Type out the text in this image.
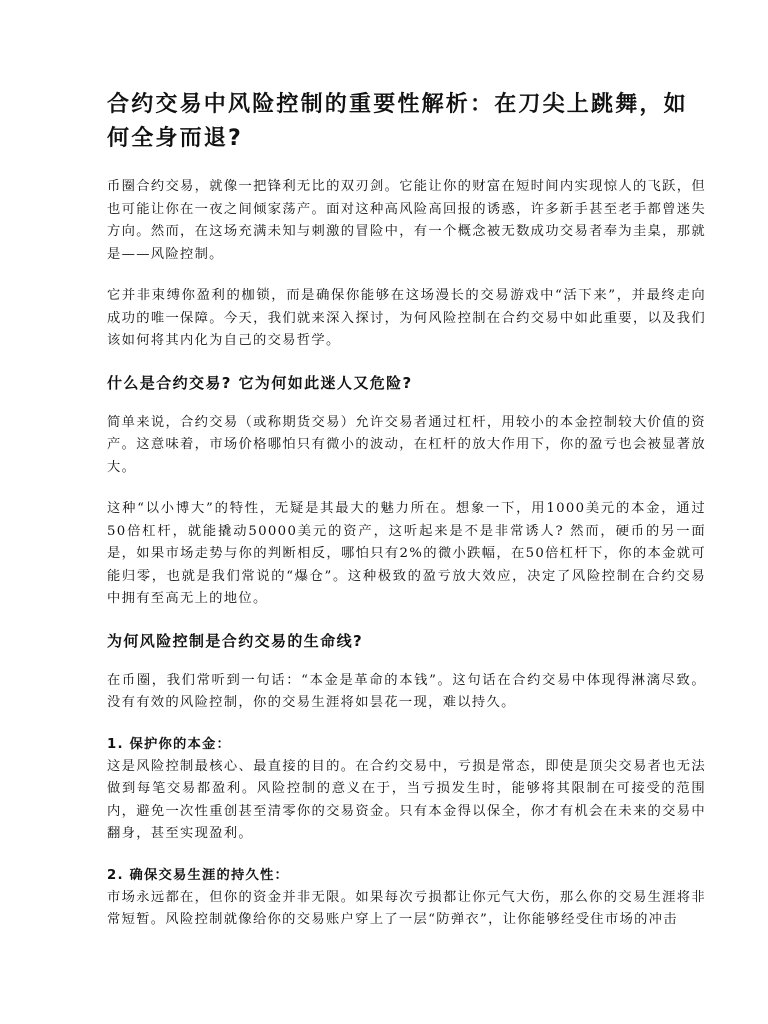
合约交易中风险控制的重要性解析：在刀尖上跳舞，如何全身而退?

币圈合约交易，就像一把锋利无比的双刃剑。它能让你的财富在短时间内实现惊人的飞跃，但也可能让你在一夜之间倾家荡产。面对这种高风险高回报的诱惑，许多新手甚至老手都曾迷失方向。然而，在这场充满未知与刺激的冒险中，有一个概念被无数成功交易者奉为圭臬，那就是——风险控制。

它并非束缚你盈利的枷锁，而是确保你能够在这场漫长的交易游戏中“活下来”，并最终走向成功的唯一保障。今天，我们就来深入探讨，为何风险控制在合约交易中如此重要，以及我们该如何将其内化为自己的交易哲学。

什么是合约交易? 它为何如此迷人又危险?

简单来说，合约交易（或称期货交易）允许交易者通过杠杆，用较小的本金控制较大价值的资产。这意味着，市场价格哪怕只有微小的波动，在杠杆的放大作用下，你的盈亏也会被显著放大。

这种“以小博大”的特性，无疑是其最大的魅力所在。想象一下，用1000美元的本金，通过50倍杠杆，就能撬动50000美元的资产，这听起来是不是非常诱人? 然而，硬币的另一面是，如果市场走势与你的判断相反，哪怕只有2%的微小跌幅，在50倍杠杆下，你的本金就可能归零，也就是我们常说的“爆仓”。这种极致的盈亏放大效应，决定了风险控制在合约交易中拥有至高无上的地位。

为何风险控制是合约交易的生命线?

在币圈，我们常听到一句话：“本金是革命的本钱”。这句话在合约交易中体现得淋漓尽致。没有有效的风险控制，你的交易生涯将如昙花一现，难以持久。

1. 保护你的本金：

这是风险控制最核心、最直接的目的。在合约交易中，亏损是常态，即使是顶尖交易者也无法做到每笔交易都盈利。风险控制的意义在于，当亏损发生时，能够将其限制在可接受的范围内，避免一次性重创甚至清零你的交易资金。只有本金得以保全，你才有机会在未来的交易中翻身，甚至实现盈利。

2. 确保交易生涯的持久性：

市场永远都在，但你的资金并非无限。如果每次亏损都让你元气大伤，那么你的交易生涯将非常短暂。风险控制就像给你的交易账户穿上了一层“防弹衣”，让你能够经受住市场的冲击
